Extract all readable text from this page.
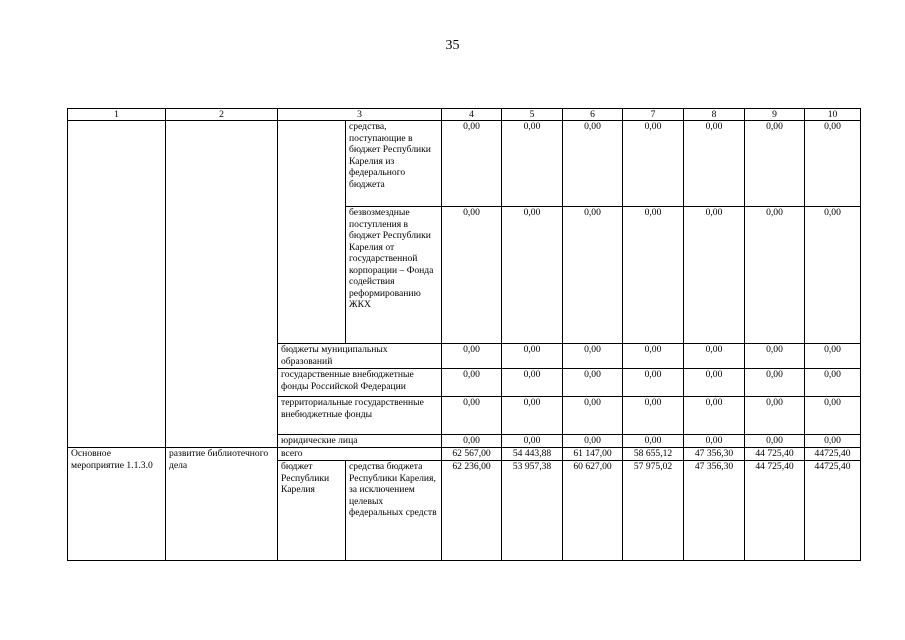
35
1	2	3		4	5	6	7	8	9	10
			средства, поступающие в бюджет Республики Карелия из федерального бюджета	0,00	0,00	0,00	0,00	0,00	0,00	0,00
			безвозмездные поступления в бюджет Республики Карелия от государственной корпорации – Фонда содействия реформированию ЖКХ	0,00	0,00	0,00	0,00	0,00	0,00	0,00
		бюджеты муниципальных образований		0,00	0,00	0,00	0,00	0,00	0,00	0,00
		государственные внебюджетные фонды Российской Федерации		0,00	0,00	0,00	0,00	0,00	0,00	0,00
		территориальные государственные внебюджетные фонды		0,00	0,00	0,00	0,00	0,00	0,00	0,00
		юридические лица		0,00	0,00	0,00	0,00	0,00	0,00	0,00
Основное мероприятие 1.1.3.0	развитие библиотечного дела	всего		62 567,00	54 443,88	61 147,00	58 655,12	47 356,30	44 725,40	44725,40
		бюджет Республики Карелия	средства бюджета Республики Карелия, за исключением целевых федеральных средств	62 236,00	53 957,38	60 627,00	57 975,02	47 356,30	44 725,40	44725,40
